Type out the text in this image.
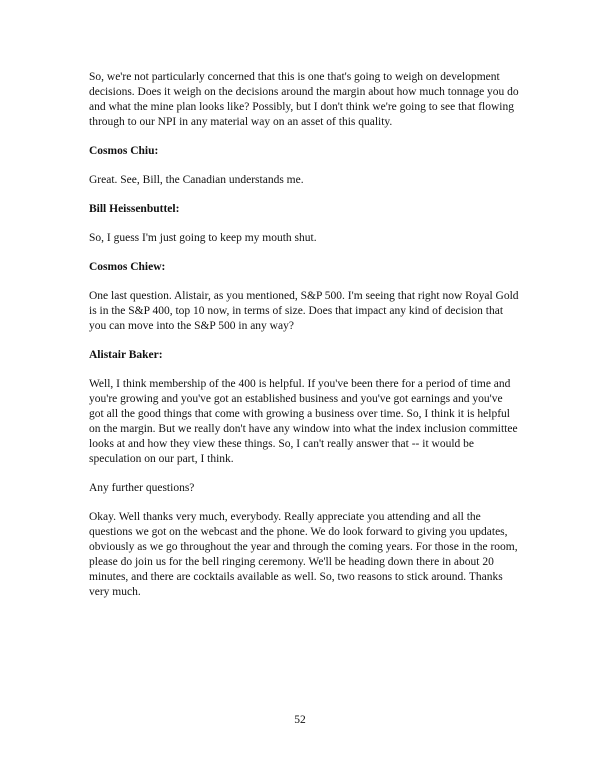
So, we're not particularly concerned that this is one that's going to weigh on development decisions. Does it weigh on the decisions around the margin about how much tonnage you do and what the mine plan looks like? Possibly, but I don't think we're going to see that flowing through to our NPI in any material way on an asset of this quality.

Cosmos Chiu:

Great. See, Bill, the Canadian understands me.

Bill Heissenbuttel:

So, I guess I'm just going to keep my mouth shut.

Cosmos Chiew:

One last question. Alistair, as you mentioned, S&P 500. I'm seeing that right now Royal Gold is in the S&P 400, top 10 now, in terms of size. Does that impact any kind of decision that you can move into the S&P 500 in any way?

Alistair Baker:

Well, I think membership of the 400 is helpful. If you've been there for a period of time and you're growing and you've got an established business and you've got earnings and you've got all the good things that come with growing a business over time. So, I think it is helpful on the margin. But we really don't have any window into what the index inclusion committee looks at and how they view these things. So, I can't really answer that -- it would be speculation on our part, I think.

Any further questions?

Okay. Well thanks very much, everybody. Really appreciate you attending and all the questions we got on the webcast and the phone. We do look forward to giving you updates, obviously as we go throughout the year and through the coming years. For those in the room, please do join us for the bell ringing ceremony. We'll be heading down there in about 20 minutes, and there are cocktails available as well. So, two reasons to stick around. Thanks very much.

52
